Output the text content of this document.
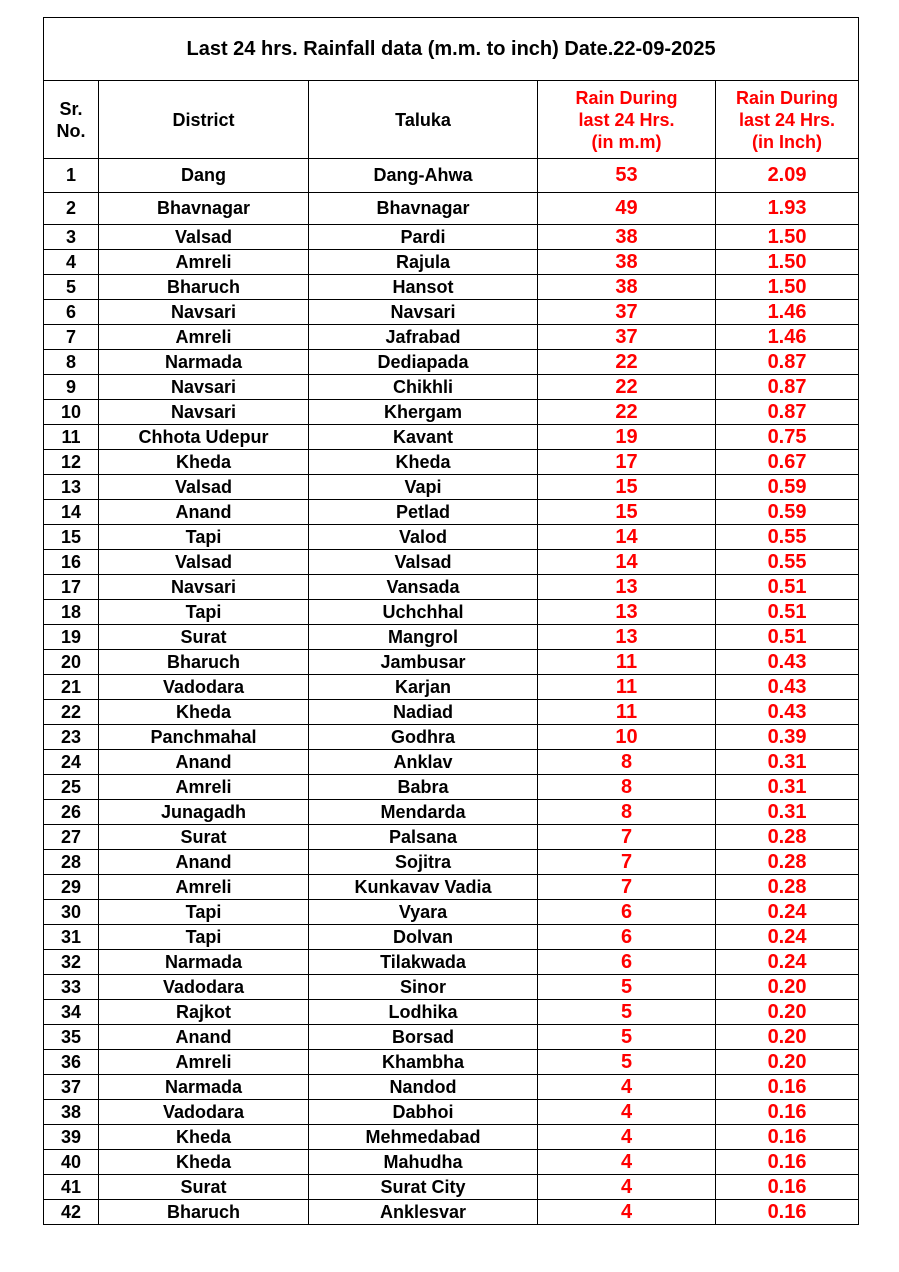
Last 24 hrs. Rainfall data (m.m. to inch) Date.22-09-2025				

Sr.
No.	District	Taluka	Rain During
last 24 Hrs.
(in m.m)	Rain During
last 24 Hrs.
(in Inch)

1	Dang	Dang-Ahwa	53	2.09
2	Bhavnagar	Bhavnagar	49	1.93
3	Valsad	Pardi	38	1.50
4	Amreli	Rajula	38	1.50
5	Bharuch	Hansot	38	1.50
6	Navsari	Navsari	37	1.46
7	Amreli	Jafrabad	37	1.46
8	Narmada	Dediapada	22	0.87
9	Navsari	Chikhli	22	0.87
10	Navsari	Khergam	22	0.87
11	Chhota Udepur	Kavant	19	0.75
12	Kheda	Kheda	17	0.67
13	Valsad	Vapi	15	0.59
14	Anand	Petlad	15	0.59
15	Tapi	Valod	14	0.55
16	Valsad	Valsad	14	0.55
17	Navsari	Vansada	13	0.51
18	Tapi	Uchchhal	13	0.51
19	Surat	Mangrol	13	0.51
20	Bharuch	Jambusar	11	0.43
21	Vadodara	Karjan	11	0.43
22	Kheda	Nadiad	11	0.43
23	Panchmahal	Godhra	10	0.39
24	Anand	Anklav	8	0.31
25	Amreli	Babra	8	0.31
26	Junagadh	Mendarda	8	0.31
27	Surat	Palsana	7	0.28
28	Anand	Sojitra	7	0.28
29	Amreli	Kunkavav Vadia	7	0.28
30	Tapi	Vyara	6	0.24
31	Tapi	Dolvan	6	0.24
32	Narmada	Tilakwada	6	0.24
33	Vadodara	Sinor	5	0.20
34	Rajkot	Lodhika	5	0.20
35	Anand	Borsad	5	0.20
36	Amreli	Khambha	5	0.20
37	Narmada	Nandod	4	0.16
38	Vadodara	Dabhoi	4	0.16
39	Kheda	Mehmedabad	4	0.16
40	Kheda	Mahudha	4	0.16
41	Surat	Surat City	4	0.16
42	Bharuch	Anklesvar	4	0.16
